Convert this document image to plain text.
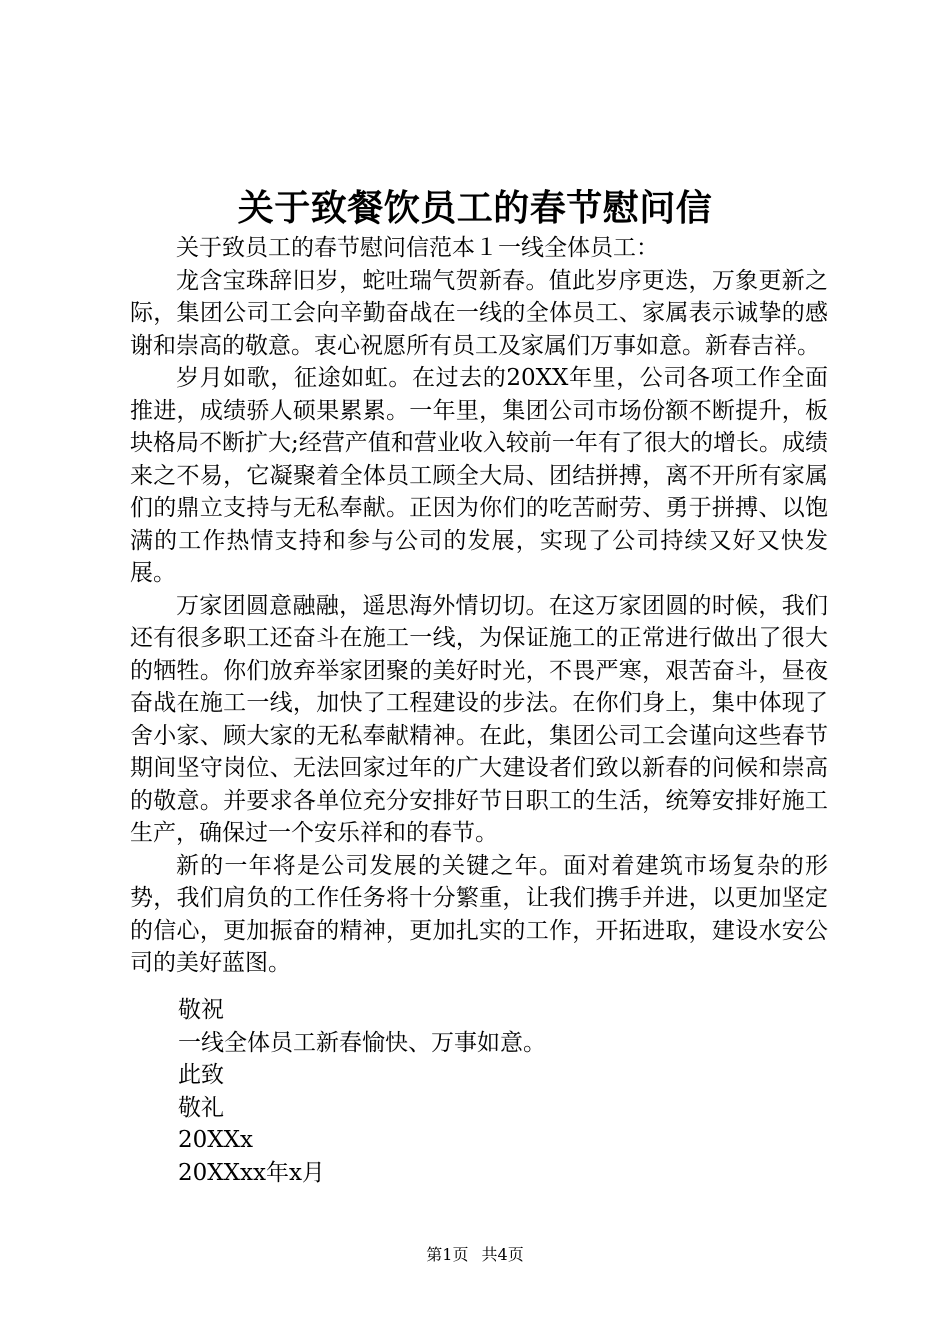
关于致餐饮员工的春节慰问信

关于致员工的春节慰问信范本１一线全体员工：

龙含宝珠辞旧岁，蛇吐瑞气贺新春。值此岁序更迭，万象更新之际，集团公司工会向辛勤奋战在一线的全体员工、家属表示诚挚的感谢和崇高的敬意。衷心祝愿所有员工及家属们万事如意。新春吉祥。

岁月如歌，征途如虹。在过去的20XX年里，公司各项工作全面推进，成绩骄人硕果累累。一年里，集团公司市场份额不断提升，板块格局不断扩大;经营产值和营业收入较前一年有了很大的增长。成绩来之不易，它凝聚着全体员工顾全大局、团结拼搏，离不开所有家属们的鼎立支持与无私奉献。正因为你们的吃苦耐劳、勇于拼搏、以饱满的工作热情支持和参与公司的发展，实现了公司持续又好又快发展。

万家团圆意融融，遥思海外情切切。在这万家团圆的时候，我们还有很多职工还奋斗在施工一线，为保证施工的正常进行做出了很大的牺牲。你们放弃举家团聚的美好时光，不畏严寒，艰苦奋斗，昼夜奋战在施工一线，加快了工程建设的步法。在你们身上，集中体现了舍小家、顾大家的无私奉献精神。在此，集团公司工会谨向这些春节期间坚守岗位、无法回家过年的广大建设者们致以新春的问候和崇高的敬意。并要求各单位充分安排好节日职工的生活，统筹安排好施工生产，确保过一个安乐祥和的春节。

新的一年将是公司发展的关键之年。面对着建筑市场复杂的形势，我们肩负的工作任务将十分繁重，让我们携手并进，以更加坚定的信心，更加振奋的精神，更加扎实的工作，开拓进取，建设水安公司的美好蓝图。

敬祝
一线全体员工新春愉快、万事如意。
此致
敬礼
20XXx
20XXxx年x月
第1页 共4页
